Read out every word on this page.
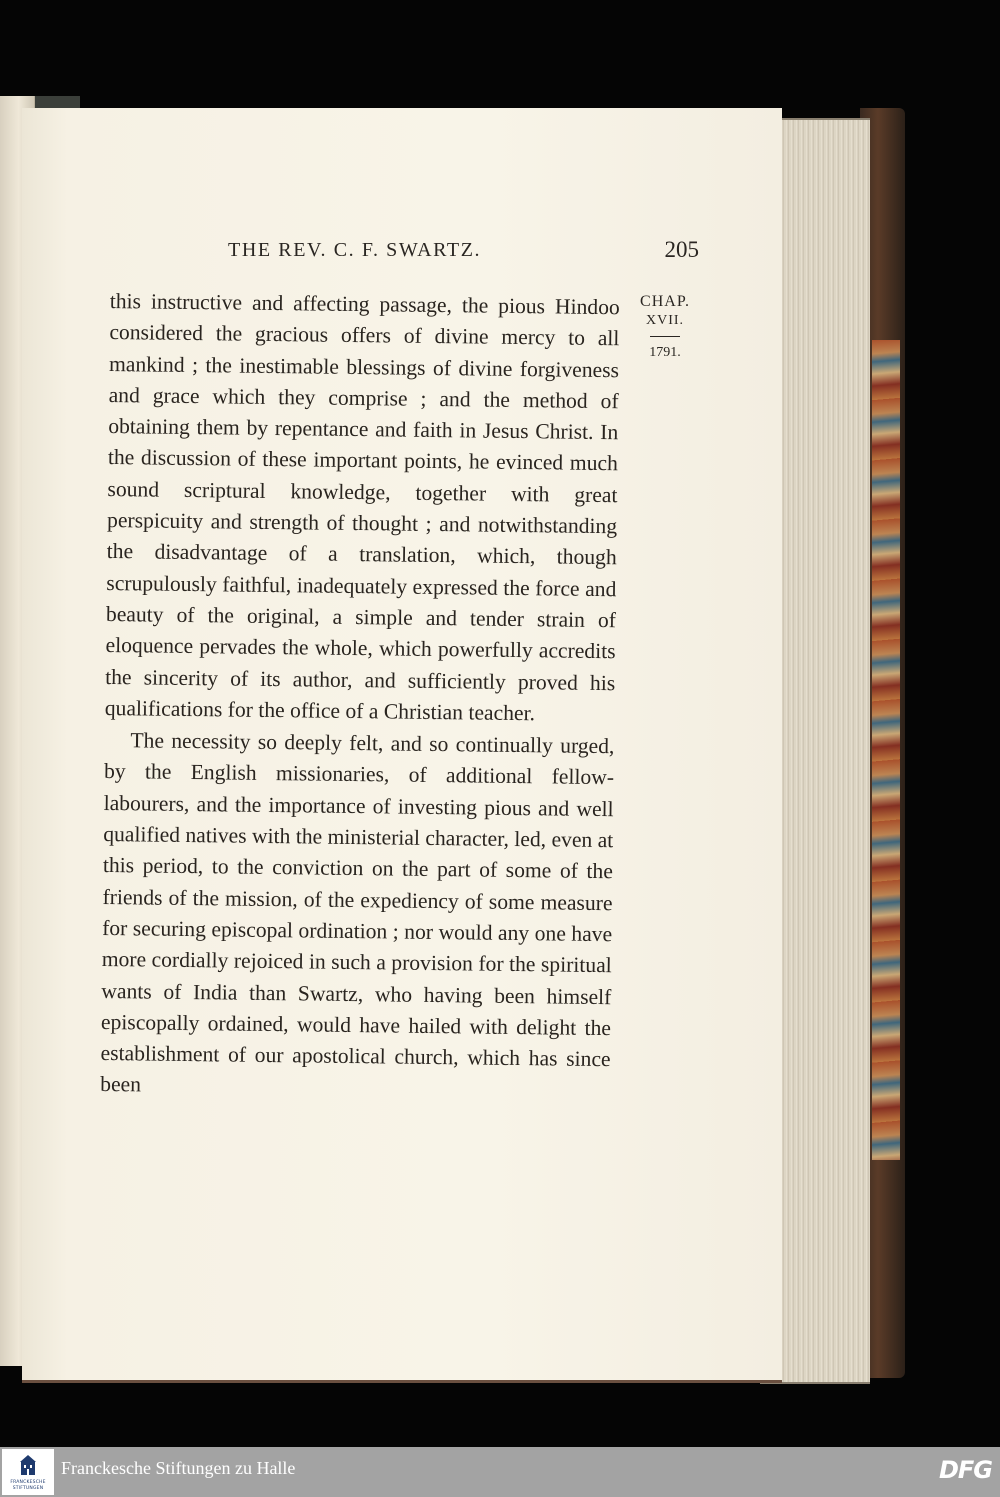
THE REV. C. F. SWARTZ.	205
CHAP.
XVII.
1791.

this instructive and affecting passage, the pious Hindoo considered the gracious offers of divine mercy to all mankind ; the inestimable blessings of divine forgiveness and grace which they comprise ; and the method of obtaining them by repentance and faith in Jesus Christ. In the discussion of these important points, he evinced much sound scriptural knowledge, together with great perspicuity and strength of thought ; and notwithstanding the disadvantage of a translation, which, though scrupulously faithful, inadequately expressed the force and beauty of the original, a simple and tender strain of eloquence pervades the whole, which powerfully accredits the sincerity of its author, and sufficiently proved his qualifications for the office of a Christian teacher.

The necessity so deeply felt, and so continually urged, by the English missionaries, of additional fellow-labourers, and the importance of investing pious and well qualified natives with the ministerial character, led, even at this period, to the conviction on the part of some of the friends of the mission, of the expediency of some measure for securing episcopal ordination ; nor would any one have more cordially rejoiced in such a provision for the spiritual wants of India than Swartz, who having been himself episcopally ordained, would have hailed with delight the establishment of our apostolical church, which has since been

FRANCKESCHE STIFTUNGEN
Franckesche Stiftungen zu Halle	DFG
